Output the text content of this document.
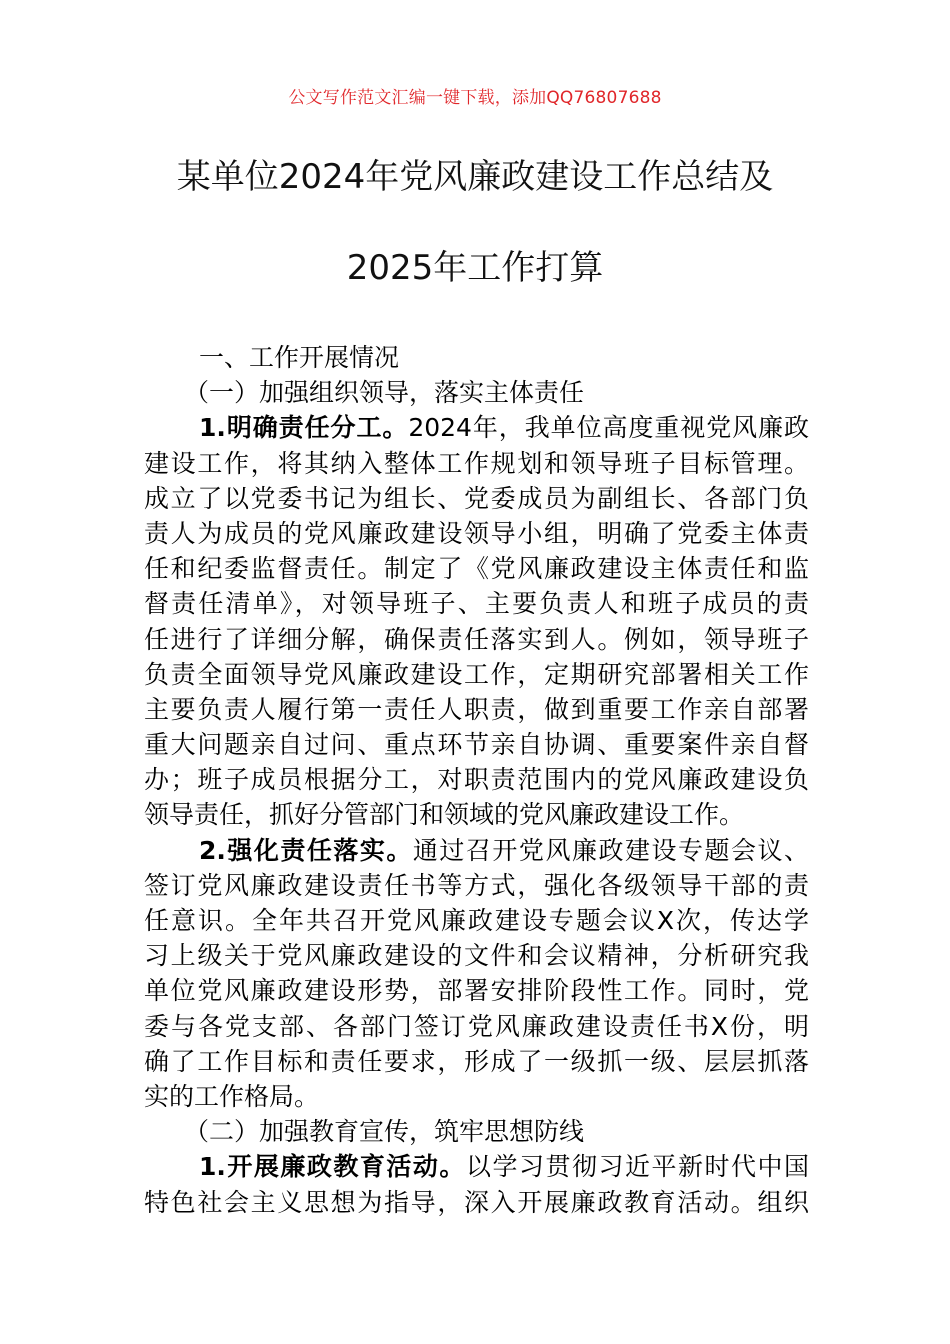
公文写作范文汇编一键下载，添加QQ76807688
某单位2024年党风廉政建设工作总结及
2025年工作打算
一、工作开展情况
（一）加强组织领导，落实主体责任
1.明确责任分工。2024年，我单位高度重视党风廉政
建设工作，将其纳入整体工作规划和领导班子目标管理。
成立了以党委书记为组长、党委成员为副组长、各部门负
责人为成员的党风廉政建设领导小组，明确了党委主体责
任和纪委监督责任。制定了《党风廉政建设主体责任和监
督责任清单》，对领导班子、主要负责人和班子成员的责
任进行了详细分解，确保责任落实到人。例如，领导班子
负责全面领导党风廉政建设工作，定期研究部署相关工作
主要负责人履行第一责任人职责，做到重要工作亲自部署
重大问题亲自过问、重点环节亲自协调、重要案件亲自督
办；班子成员根据分工，对职责范围内的党风廉政建设负
领导责任，抓好分管部门和领域的党风廉政建设工作。
2.强化责任落实。通过召开党风廉政建设专题会议、
签订党风廉政建设责任书等方式，强化各级领导干部的责
任意识。全年共召开党风廉政建设专题会议X次，传达学
习上级关于党风廉政建设的文件和会议精神，分析研究我
单位党风廉政建设形势，部署安排阶段性工作。同时，党
委与各党支部、各部门签订党风廉政建设责任书X份，明
确了工作目标和责任要求，形成了一级抓一级、层层抓落
实的工作格局。
（二）加强教育宣传，筑牢思想防线
1.开展廉政教育活动。以学习贯彻习近平新时代中国
特色社会主义思想为指导，深入开展廉政教育活动。组织
